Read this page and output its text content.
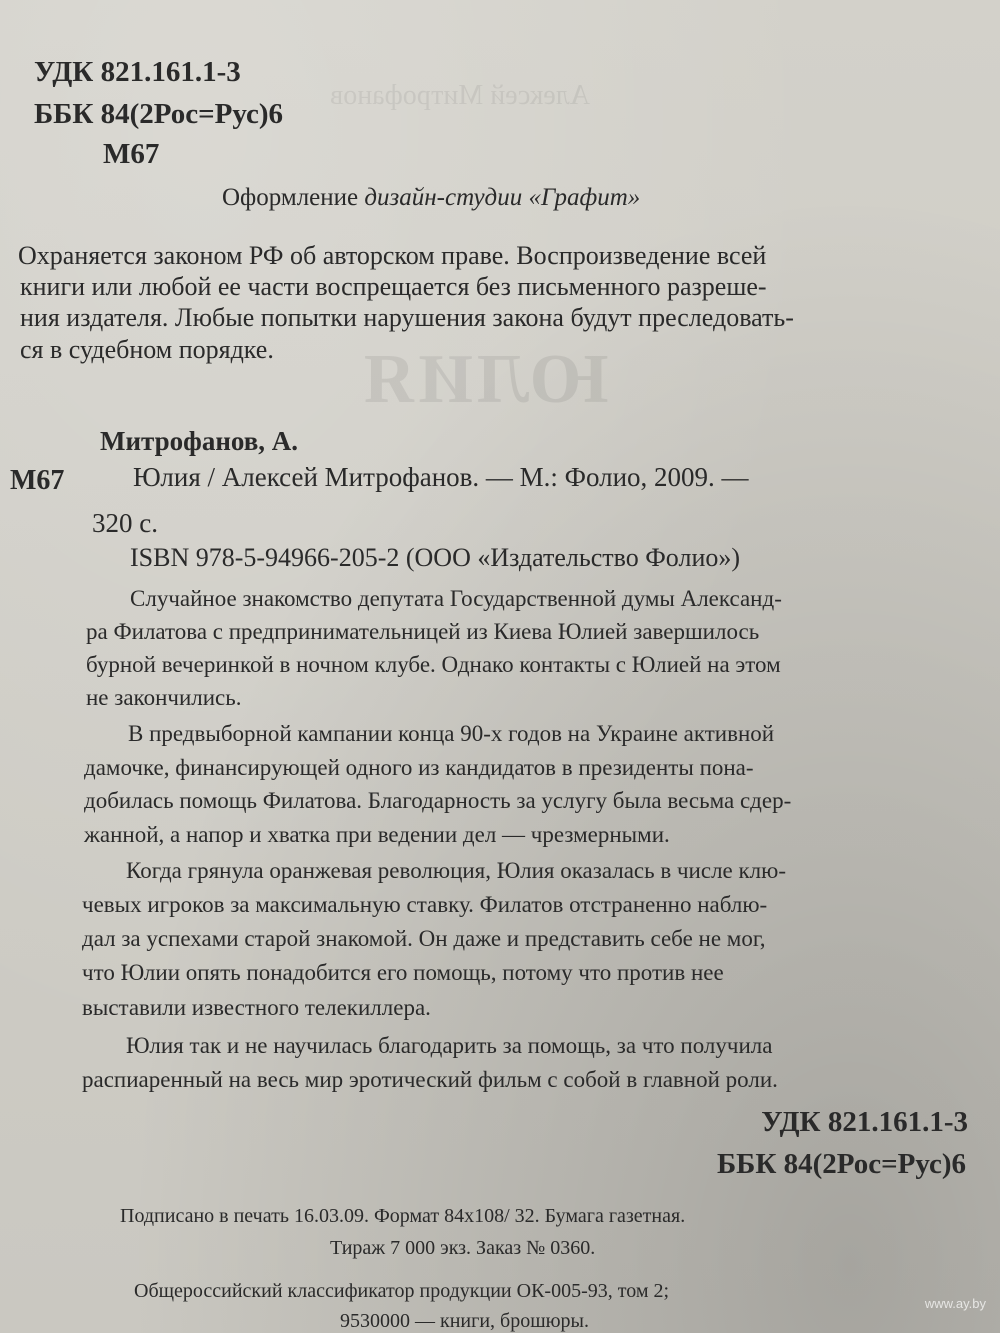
Алексей Митрофанов
ЮЛИЯ
УДК 821.161.1-3
ББК 84(2Рос=Рус)6
М67
Оформление дизайн-студии «Графит»
Охраняется законом РФ об авторском праве. Воспроизведение всей
книги или любой ее части воспрещается без письменного разреше-
ния издателя. Любые попытки нарушения закона будут преследовать-
ся в судебном порядке.
Митрофанов, А.
М67	Юлия / Алексей Митрофанов. — М.: Фолио, 2009. —
320 с.
ISBN 978-5-94966-205-2 (ООО «Издательство Фолио»)
Случайное знакомство депутата Государственной думы Александ-
ра Филатова с предпринимательницей из Киева Юлией завершилось
бурной вечеринкой в ночном клубе. Однако контакты с Юлией на этом
не закончились.
В предвыборной кампании конца 90-х годов на Украине активной
дамочке, финансирующей одного из кандидатов в президенты пона-
добилась помощь Филатова. Благодарность за услугу была весьма сдер-
жанной, а напор и хватка при ведении дел — чрезмерными.
Когда грянула оранжевая революция, Юлия оказалась в числе клю-
чевых игроков за максимальную ставку. Филатов отстраненно наблю-
дал за успехами старой знакомой. Он даже и представить себе не мог,
что Юлии опять понадобится его помощь, потому что против нее
выставили известного телекиллера.
Юлия так и не научилась благодарить за помощь, за что получила
распиаренный на весь мир эротический фильм с собой в главной роли.
УДК 821.161.1-3
ББК 84(2Рос=Рус)6
Подписано в печать 16.03.09. Формат 84x108/ 32. Бумага газетная.
Тираж 7 000 экз. Заказ № 0360.
Общероссийский классификатор продукции ОК-005-93, том 2;
9530000 — книги, брошюры.
www.ay.by
